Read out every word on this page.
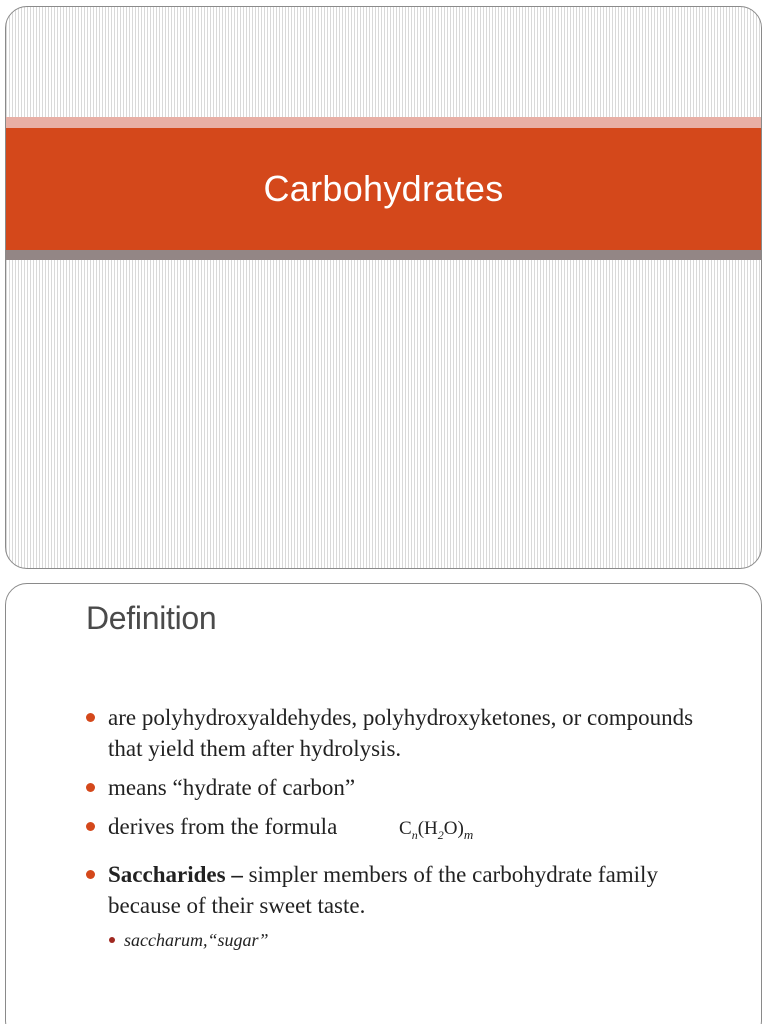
Carbohydrates
Definition
are polyhydroxyaldehydes, polyhydroxyketones, or compounds that yield them after hydrolysis.
means “hydrate of carbon”
derives from the formula	$C_n(H_2O)_m$
Saccharides – simpler members of the carbohydrate family because of their sweet taste.
saccharum,“sugar”
